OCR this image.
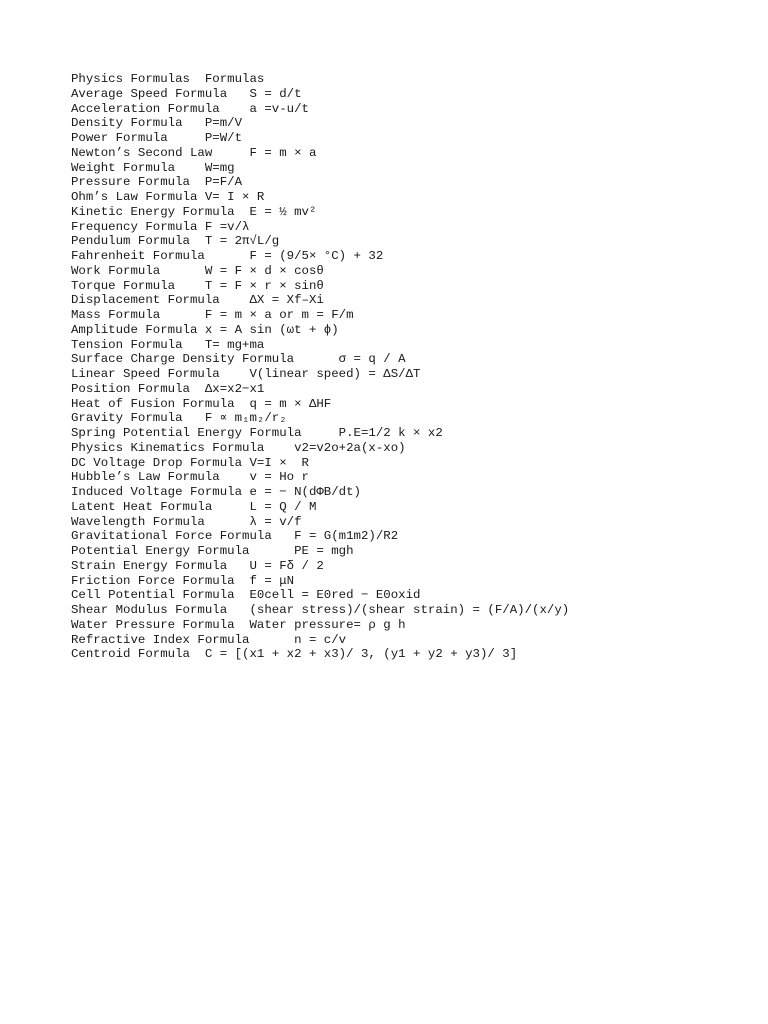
Physics Formulas  Formulas
Average Speed Formula   S = d/t
Acceleration Formula    a =v-u/t
Density Formula   P=m/V
Power Formula     P=W/t
Newton’s Second Law     F = m × a
Weight Formula    W=mg
Pressure Formula  P=F/A
Ohm’s Law Formula V= I × R
Kinetic Energy Formula  E = ½ mv²
Frequency Formula F =v/λ
Pendulum Formula  T = 2π√L/g
Fahrenheit Formula      F = (9/5× °C) + 32
Work Formula      W = F × d × cosθ
Torque Formula    T = F × r × sinθ
Displacement Formula    ΔX = Xf–Xi
Mass Formula      F = m × a or m = F/m
Amplitude Formula x = A sin (ωt + ϕ)
Tension Formula   T= mg+ma
Surface Charge Density Formula      σ = q / A
Linear Speed Formula    V(linear speed) = ΔS/ΔT
Position Formula  Δx=x2−x1
Heat of Fusion Formula  q = m × ΔHF
Gravity Formula   F ∝ m₁m₂/r₂
Spring Potential Energy Formula     P.E=1/2 k × x2
Physics Kinematics Formula    v2=v2o+2a(x-xo)
DC Voltage Drop Formula V=I ×  R
Hubble’s Law Formula    v = Ho r
Induced Voltage Formula e = − N(dΦB/dt)
Latent Heat Formula     L = Q / M
Wavelength Formula      λ = v/f
Gravitational Force Formula   F = G(m1m2)/R2
Potential Energy Formula      PE = mgh
Strain Energy Formula   U = Fδ / 2
Friction Force Formula  f = μN
Cell Potential Formula  E0cell = E0red − E0oxid
Shear Modulus Formula   (shear stress)/(shear strain) = (F/A)/(x/y)
Water Pressure Formula  Water pressure= ρ g h
Refractive Index Formula      n = c/v
Centroid Formula  C = [(x1 + x2 + x3)/ 3, (y1 + y2 + y3)/ 3]
